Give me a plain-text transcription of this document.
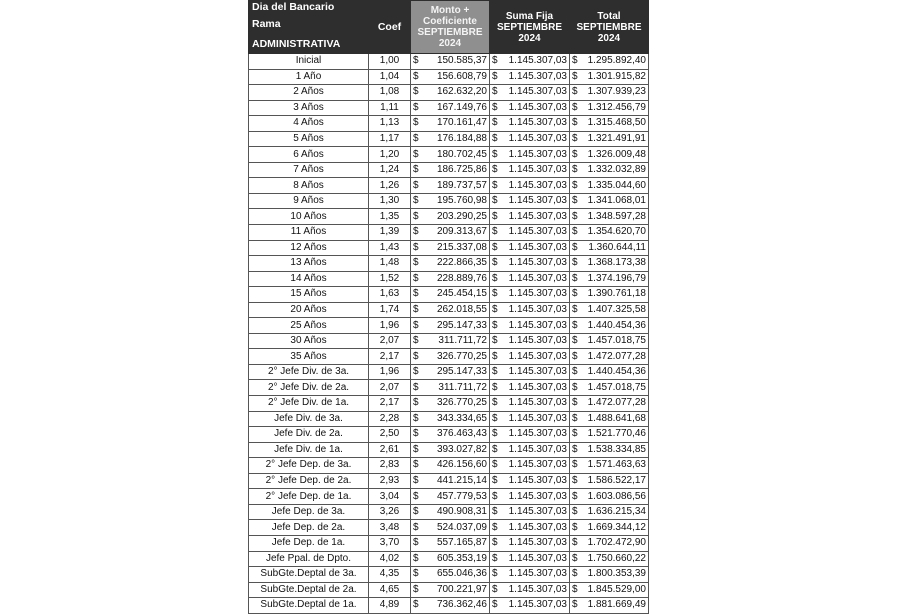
Dia del Bancario
Rama
ADMINISTRATIVA	Coef	Monto + Coeficiente SEPTIEMBRE 2024	Suma Fija SEPTIEMBRE 2024	Total SEPTIEMBRE 2024
Inicial	1,00	$ 150.585,37	$ 1.145.307,03	$ 1.295.892,40
1 Año	1,04	$ 156.608,79	$ 1.145.307,03	$ 1.301.915,82
2 Años	1,08	$ 162.632,20	$ 1.145.307,03	$ 1.307.939,23
3 Años	1,11	$ 167.149,76	$ 1.145.307,03	$ 1.312.456,79
4 Años	1,13	$ 170.161,47	$ 1.145.307,03	$ 1.315.468,50
5 Años	1,17	$ 176.184,88	$ 1.145.307,03	$ 1.321.491,91
6 Años	1,20	$ 180.702,45	$ 1.145.307,03	$ 1.326.009,48
7 Años	1,24	$ 186.725,86	$ 1.145.307,03	$ 1.332.032,89
8 Años	1,26	$ 189.737,57	$ 1.145.307,03	$ 1.335.044,60
9 Años	1,30	$ 195.760,98	$ 1.145.307,03	$ 1.341.068,01
10 Años	1,35	$ 203.290,25	$ 1.145.307,03	$ 1.348.597,28
11 Años	1,39	$ 209.313,67	$ 1.145.307,03	$ 1.354.620,70
12 Años	1,43	$ 215.337,08	$ 1.145.307,03	$ 1.360.644,11
13 Años	1,48	$ 222.866,35	$ 1.145.307,03	$ 1.368.173,38
14 Años	1,52	$ 228.889,76	$ 1.145.307,03	$ 1.374.196,79
15 Años	1,63	$ 245.454,15	$ 1.145.307,03	$ 1.390.761,18
20 Años	1,74	$ 262.018,55	$ 1.145.307,03	$ 1.407.325,58
25 Años	1,96	$ 295.147,33	$ 1.145.307,03	$ 1.440.454,36
30 Años	2,07	$ 311.711,72	$ 1.145.307,03	$ 1.457.018,75
35 Años	2,17	$ 326.770,25	$ 1.145.307,03	$ 1.472.077,28
2° Jefe Div. de 3a.	1,96	$ 295.147,33	$ 1.145.307,03	$ 1.440.454,36
2° Jefe Div. de 2a.	2,07	$ 311.711,72	$ 1.145.307,03	$ 1.457.018,75
2° Jefe Div. de 1a.	2,17	$ 326.770,25	$ 1.145.307,03	$ 1.472.077,28
Jefe Div. de 3a.	2,28	$ 343.334,65	$ 1.145.307,03	$ 1.488.641,68
Jefe Div. de 2a.	2,50	$ 376.463,43	$ 1.145.307,03	$ 1.521.770,46
Jefe Div. de 1a.	2,61	$ 393.027,82	$ 1.145.307,03	$ 1.538.334,85
2° Jefe Dep. de 3a.	2,83	$ 426.156,60	$ 1.145.307,03	$ 1.571.463,63
2° Jefe Dep. de 2a.	2,93	$ 441.215,14	$ 1.145.307,03	$ 1.586.522,17
2° Jefe Dep. de 1a.	3,04	$ 457.779,53	$ 1.145.307,03	$ 1.603.086,56
Jefe Dep. de 3a.	3,26	$ 490.908,31	$ 1.145.307,03	$ 1.636.215,34
Jefe Dep. de 2a.	3,48	$ 524.037,09	$ 1.145.307,03	$ 1.669.344,12
Jefe Dep. de 1a.	3,70	$ 557.165,87	$ 1.145.307,03	$ 1.702.472,90
Jefe Ppal. de Dpto.	4,02	$ 605.353,19	$ 1.145.307,03	$ 1.750.660,22
SubGte.Deptal de 3a.	4,35	$ 655.046,36	$ 1.145.307,03	$ 1.800.353,39
SubGte.Deptal de 2a.	4,65	$ 700.221,97	$ 1.145.307,03	$ 1.845.529,00
SubGte.Deptal de 1a.	4,89	$ 736.362,46	$ 1.145.307,03	$ 1.881.669,49
